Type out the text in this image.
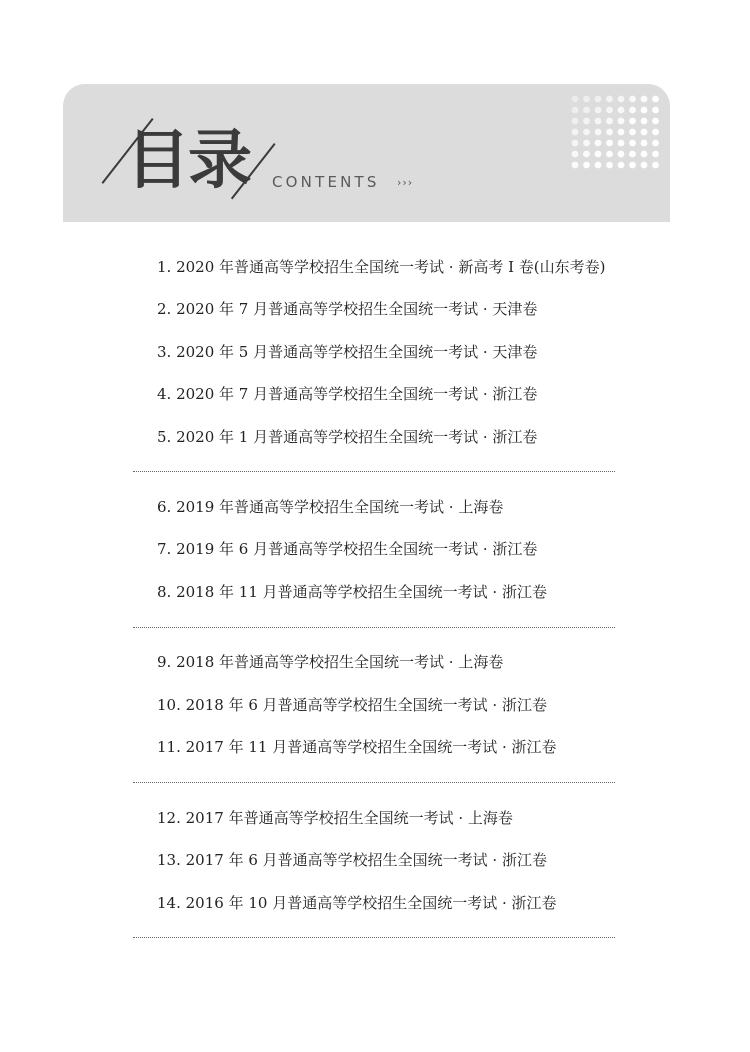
目录 CONTENTS ›››
1. 2020 年普通高等学校招生全国统一考试 · 新高考 Ⅰ 卷(山东考卷)
2. 2020 年 7 月普通高等学校招生全国统一考试 · 天津卷
3. 2020 年 5 月普通高等学校招生全国统一考试 · 天津卷
4. 2020 年 7 月普通高等学校招生全国统一考试 · 浙江卷
5. 2020 年 1 月普通高等学校招生全国统一考试 · 浙江卷
6. 2019 年普通高等学校招生全国统一考试 · 上海卷
7. 2019 年 6 月普通高等学校招生全国统一考试 · 浙江卷
8. 2018 年 11 月普通高等学校招生全国统一考试 · 浙江卷
9. 2018 年普通高等学校招生全国统一考试 · 上海卷
10. 2018 年 6 月普通高等学校招生全国统一考试 · 浙江卷
11. 2017 年 11 月普通高等学校招生全国统一考试 · 浙江卷
12. 2017 年普通高等学校招生全国统一考试 · 上海卷
13. 2017 年 6 月普通高等学校招生全国统一考试 · 浙江卷
14. 2016 年 10 月普通高等学校招生全国统一考试 · 浙江卷
